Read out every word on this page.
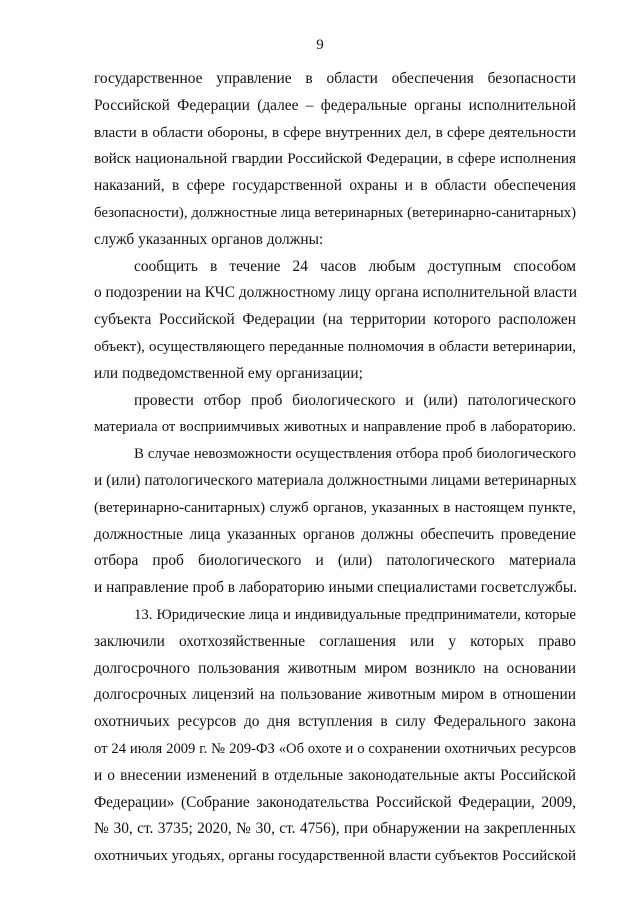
9
государственное управление в области обеспечения безопасности
Российской Федерации (далее – федеральные органы исполнительной
власти в области обороны, в сфере внутренних дел, в сфере деятельности
войск национальной гвардии Российской Федерации, в сфере исполнения
наказаний, в сфере государственной охраны и в области обеспечения
безопасности), должностные лица ветеринарных (ветеринарно-санитарных)
служб указанных органов должны:
сообщить в течение 24 часов любым доступным способом
о подозрении на КЧС должностному лицу органа исполнительной власти
субъекта Российской Федерации (на территории которого расположен
объект), осуществляющего переданные полномочия в области ветеринарии,
или подведомственной ему организации;
провести отбор проб биологического и (или) патологического
материала от восприимчивых животных и направление проб в лабораторию.
В случае невозможности осуществления отбора проб биологического
и (или) патологического материала должностными лицами ветеринарных
(ветеринарно-санитарных) служб органов, указанных в настоящем пункте,
должностные лица указанных органов должны обеспечить проведение
отбора проб биологического и (или) патологического материала
и направление проб в лабораторию иными специалистами госветслужбы.
13. Юридические лица и индивидуальные предприниматели, которые
заключили охотхозяйственные соглашения или у которых право
долгосрочного пользования животным миром возникло на основании
долгосрочных лицензий на пользование животным миром в отношении
охотничьих ресурсов до дня вступления в силу Федерального закона
от 24 июля 2009 г. № 209-ФЗ «Об охоте и о сохранении охотничьих ресурсов
и о внесении изменений в отдельные законодательные акты Российской
Федерации» (Собрание законодательства Российской Федерации, 2009,
№ 30, ст. 3735; 2020, № 30, ст. 4756), при обнаружении на закрепленных
охотничьих угодьях, органы государственной власти субъектов Российской
